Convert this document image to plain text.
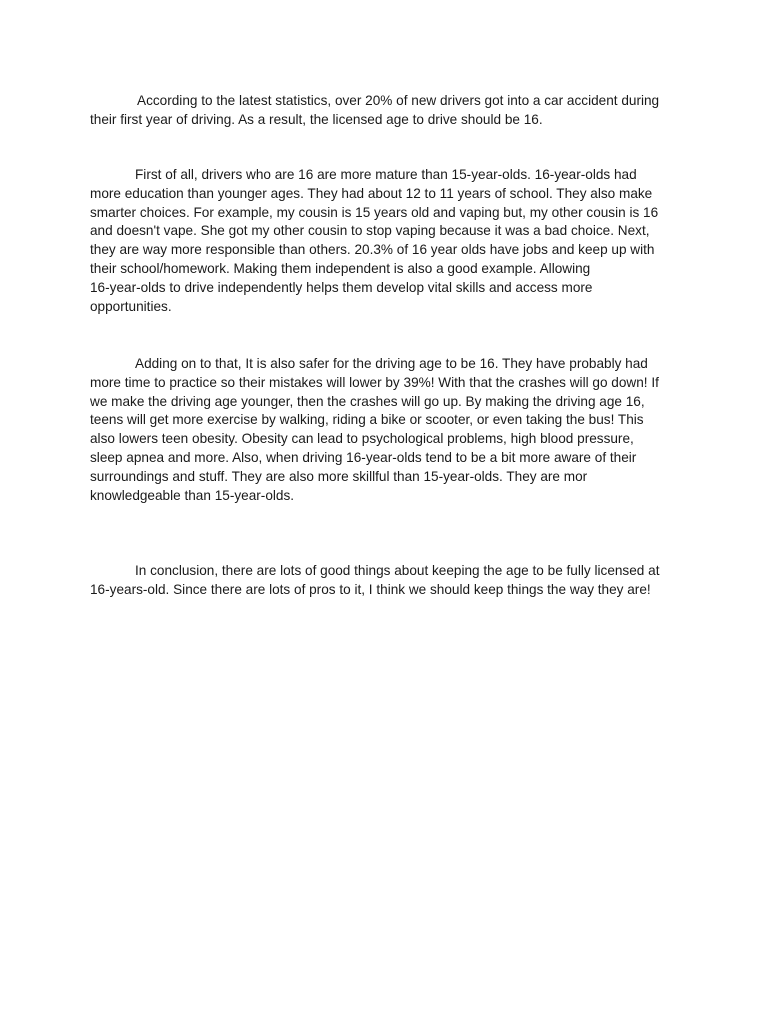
According to the latest statistics, over 20% of new drivers got into a car accident during
their first year of driving. As a result, the licensed age to drive should be 16.

First of all, drivers who are 16 are more mature than 15-year-olds. 16-year-olds had
more education than younger ages. They had about 12 to 11 years of school. They also make
smarter choices. For example, my cousin is 15 years old and vaping but, my other cousin is 16
and doesn't vape. She got my other cousin to stop vaping because it was a bad choice. Next,
they are way more responsible than others. 20.3% of 16 year olds have jobs and keep up with
their school/homework. Making them independent is also a good example. Allowing
16-year-olds to drive independently helps them develop vital skills and access more
opportunities.

Adding on to that, It is also safer for the driving age to be 16. They have probably had
more time to practice so their mistakes will lower by 39%! With that the crashes will go down! If
we make the driving age younger, then the crashes will go up. By making the driving age 16,
teens will get more exercise by walking, riding a bike or scooter, or even taking the bus! This
also lowers teen obesity. Obesity can lead to psychological problems, high blood pressure,
sleep apnea and more. Also, when driving 16-year-olds tend to be a bit more aware of their
surroundings and stuff. They are also more skillful than 15-year-olds. They are mor
knowledgeable than 15-year-olds.

In conclusion, there are lots of good things about keeping the age to be fully licensed at
16-years-old. Since there are lots of pros to it, I think we should keep things the way they are!
